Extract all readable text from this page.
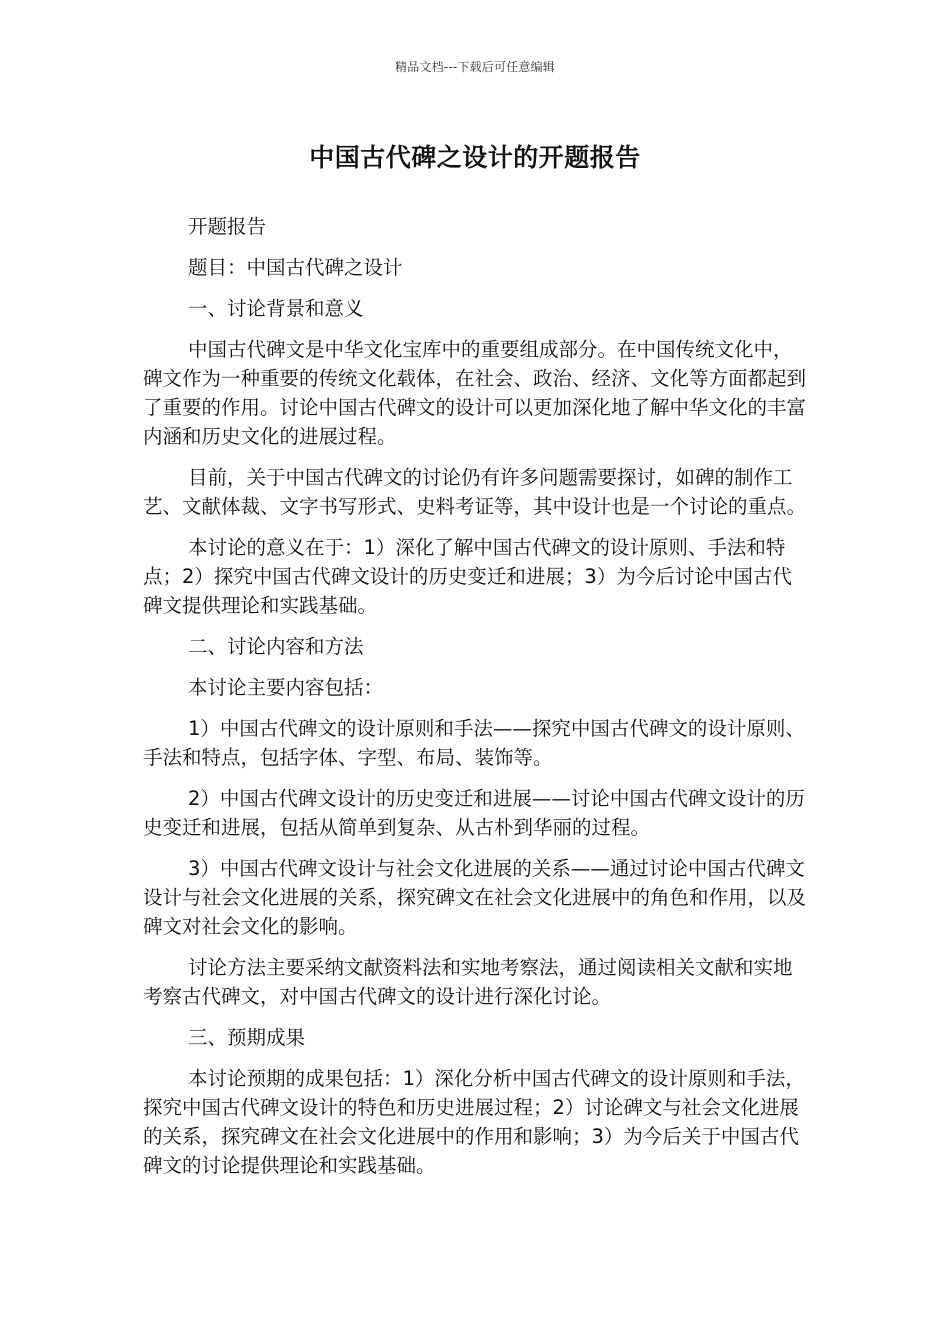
精品文档---下载后可任意编辑
中国古代碑之设计的开题报告

开题报告

题目：中国古代碑之设计

一、讨论背景和意义

中国古代碑文是中华文化宝库中的重要组成部分。在中国传统文化中，碑文作为一种重要的传统文化载体，在社会、政治、经济、文化等方面都起到了重要的作用。讨论中国古代碑文的设计可以更加深化地了解中华文化的丰富内涵和历史文化的进展过程。

目前，关于中国古代碑文的讨论仍有许多问题需要探讨，如碑的制作工艺、文献体裁、文字书写形式、史料考证等，其中设计也是一个讨论的重点。

本讨论的意义在于：1）深化了解中国古代碑文的设计原则、手法和特点；2）探究中国古代碑文设计的历史变迁和进展；3）为今后讨论中国古代碑文提供理论和实践基础。

二、讨论内容和方法

本讨论主要内容包括：

1）中国古代碑文的设计原则和手法——探究中国古代碑文的设计原则、手法和特点，包括字体、字型、布局、装饰等。

2）中国古代碑文设计的历史变迁和进展——讨论中国古代碑文设计的历史变迁和进展，包括从简单到复杂、从古朴到华丽的过程。

3）中国古代碑文设计与社会文化进展的关系——通过讨论中国古代碑文设计与社会文化进展的关系，探究碑文在社会文化进展中的角色和作用，以及碑文对社会文化的影响。

讨论方法主要采纳文献资料法和实地考察法，通过阅读相关文献和实地考察古代碑文，对中国古代碑文的设计进行深化讨论。

三、预期成果

本讨论预期的成果包括：1）深化分析中国古代碑文的设计原则和手法，探究中国古代碑文设计的特色和历史进展过程；2）讨论碑文与社会文化进展的关系，探究碑文在社会文化进展中的作用和影响；3）为今后关于中国古代碑文的讨论提供理论和实践基础。
